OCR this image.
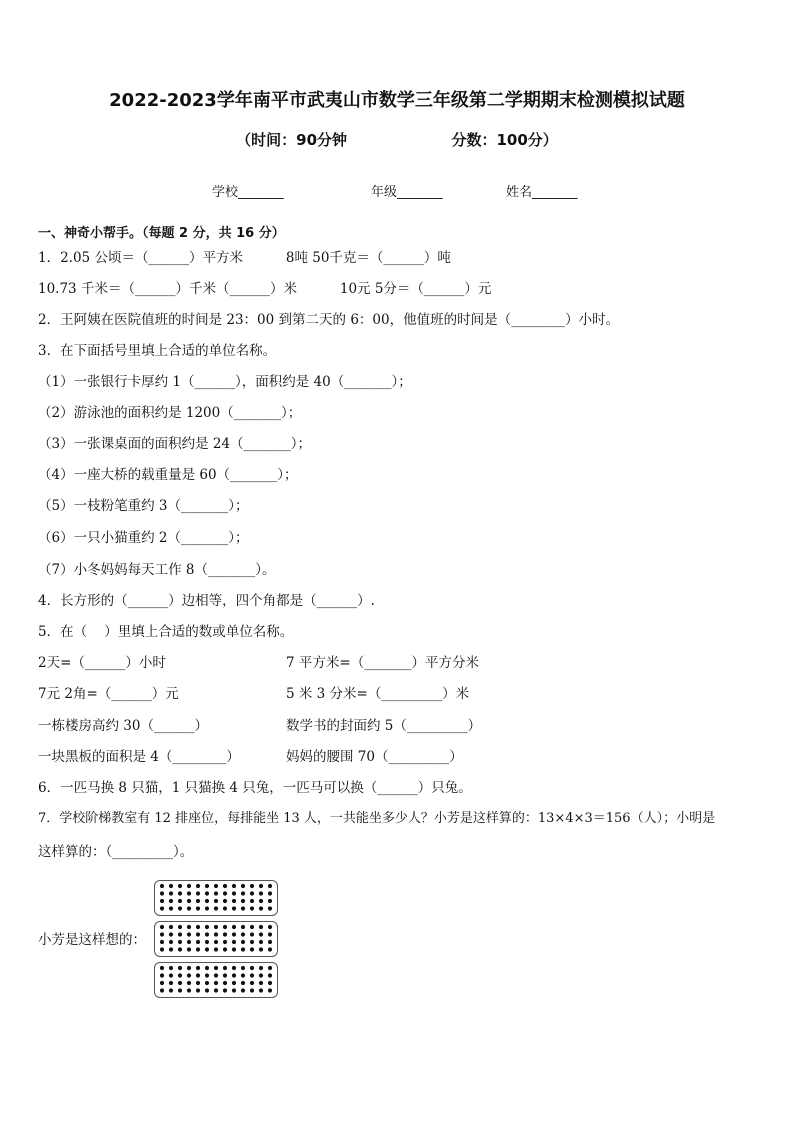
2022-2023学年南平市武夷山市数学三年级第二学期期末检测模拟试题
（时间：90分钟                    分数：100分）
学校_______	年级_______	姓名_______
一、神奇小帮手。（每题 2 分，共 16 分）
1．2.05 公顷＝（______）平方米          8吨 50千克＝（______）吨
10.73 千米＝（______）千米（______）米          10元 5分＝（______）元
2．王阿姨在医院值班的时间是 23：00 到第二天的 6：00，他值班的时间是（________）小时。
3．在下面括号里填上合适的单位名称。
（1）一张银行卡厚约 1（______），面积约是 40（_______）；
（2）游泳池的面积约是 1200（_______）；
（3）一张课桌面的面积约是 24（_______）；
（4）一座大桥的载重量是 60（_______）；
（5）一枝粉笔重约 3（_______）；
（6）一只小猫重约 2（_______）；
（7）小冬妈妈每天工作 8（_______）。
4．长方形的（______）边相等，四个角都是（______）.
5．在（    ）里填上合适的数或单位名称。
2天=（______）小时	7 平方米=（_______）平方分米
7元 2角=（______）元	5 米 3 分米=（_________）米
一栋楼房高约 30（______）	数学书的封面约 5（_________）
一块黑板的面积是 4（________）	妈妈的腰围 70（_________）
6．一匹马换 8 只猫，1 只猫换 4 只兔，一匹马可以换（______）只兔。
7．学校阶梯教室有 12 排座位，每排能坐 13 人，一共能坐多少人？小芳是这样算的：13×4×3＝156（人）；小明是
这样算的：（_________）。
小芳是这样想的：
